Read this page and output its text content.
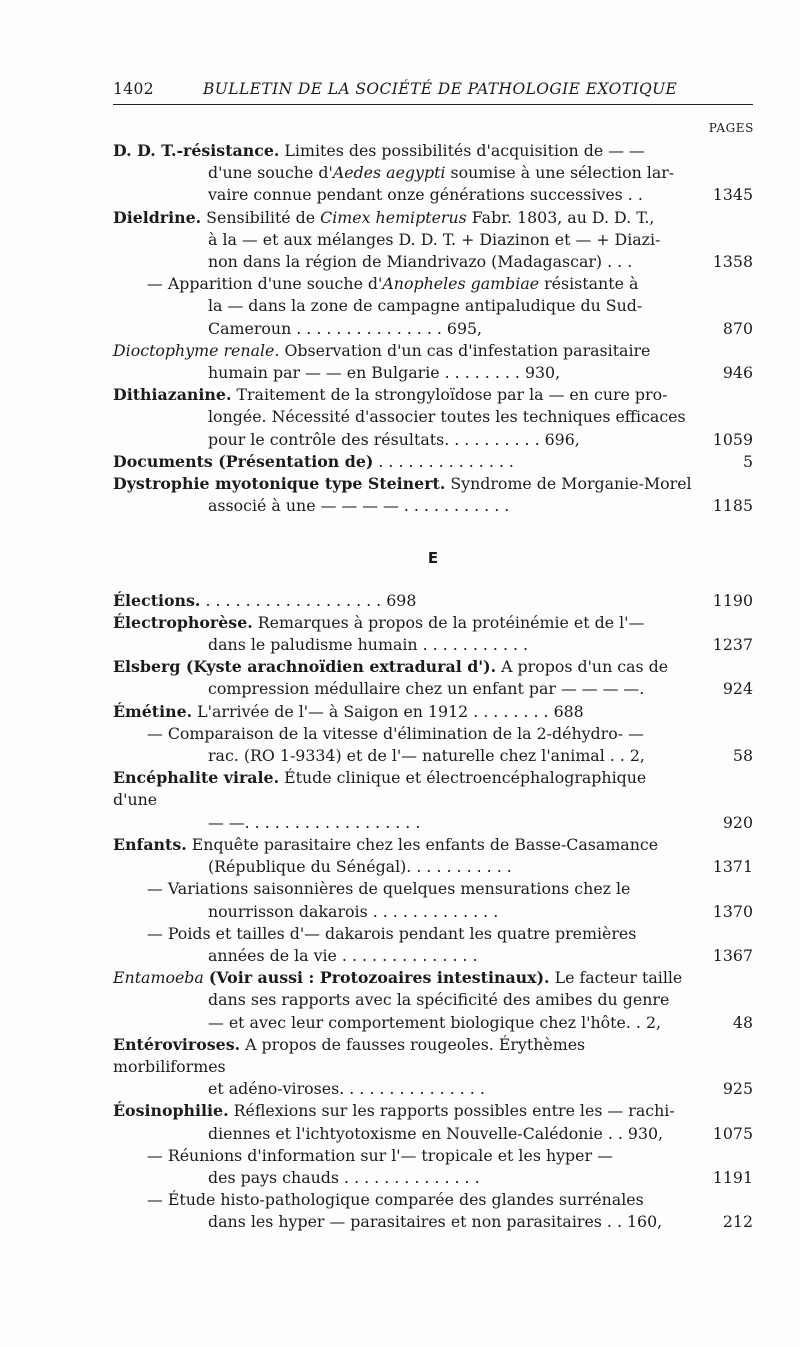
1402	BULLETIN DE LA SOCIÉTÉ DE PATHOLOGIE EXOTIQUE
PAGES
D. D. T.-résistance. Limites des possibilités d'acquisition de — —
d'une souche d'Aedes aegypti soumise à une sélection lar-
vaire connue pendant onze générations successives . .	1345
Dieldrine. Sensibilité de Cimex hemipterus Fabr. 1803, au D. D. T.,
à la — et aux mélanges D. D. T. + Diazinon et — + Diazi-
non dans la région de Miandrivazo (Madagascar) . . .	1358
— Apparition d'une souche d'Anopheles gambiae résistante à
la — dans la zone de campagne antipaludique du Sud-
Cameroun . . . . . . . . . . . . . . . 695,	870
Dioctophyme renale. Observation d'un cas d'infestation parasitaire
humain par — — en Bulgarie . . . . . . . . 930,	946
Dithiazanine. Traitement de la strongyloïdose par la — en cure pro-
longée. Nécessité d'associer toutes les techniques efficaces
pour le contrôle des résultats. . . . . . . . . . 696,	1059
Documents (Présentation de) . . . . . . . . . . . . . .	5
Dystrophie myotonique type Steinert. Syndrome de Morganie-Morel
associé à une — — — — . . . . . . . . . . .	1185
E
Élections. . . . . . . . . . . . . . . . . . . 698	1190
Électrophorèse. Remarques à propos de la protéinémie et de l'—
dans le paludisme humain . . . . . . . . . . .	1237
Elsberg (Kyste arachnoïdien extradural d'). A propos d'un cas de
compression médullaire chez un enfant par — — — —.	924
Émétine. L'arrivée de l'— à Saigon en 1912 . . . . . . . . 688
— Comparaison de la vitesse d'élimination de la 2-déhydro- —
rac. (RO 1-9334) et de l'— naturelle chez l'animal . . 2,	58
Encéphalite virale. Étude clinique et électroencéphalographique d'une
— —. . . . . . . . . . . . . . . . . .	920
Enfants. Enquête parasitaire chez les enfants de Basse-Casamance
(République du Sénégal). . . . . . . . . . .	1371
— Variations saisonnières de quelques mensurations chez le
nourrisson dakarois . . . . . . . . . . . . .	1370
— Poids et tailles d'— dakarois pendant les quatre premières
années de la vie . . . . . . . . . . . . . .	1367
Entamoeba (Voir aussi : Protozoaires intestinaux). Le facteur taille
dans ses rapports avec la spécificité des amibes du genre
— et avec leur comportement biologique chez l'hôte. . 2,	48
Entéroviroses. A propos de fausses rougeoles. Érythèmes morbiliformes
et adéno-viroses. . . . . . . . . . . . . . .	925
Éosinophilie. Réflexions sur les rapports possibles entre les — rachi-
diennes et l'ichtyotoxisme en Nouvelle-Calédonie . . 930,	1075
— Réunions d'information sur l'— tropicale et les hyper —
des pays chauds . . . . . . . . . . . . . .	1191
— Étude histo-pathologique comparée des glandes surrénales
dans les hyper — parasitaires et non parasitaires . . 160,	212
